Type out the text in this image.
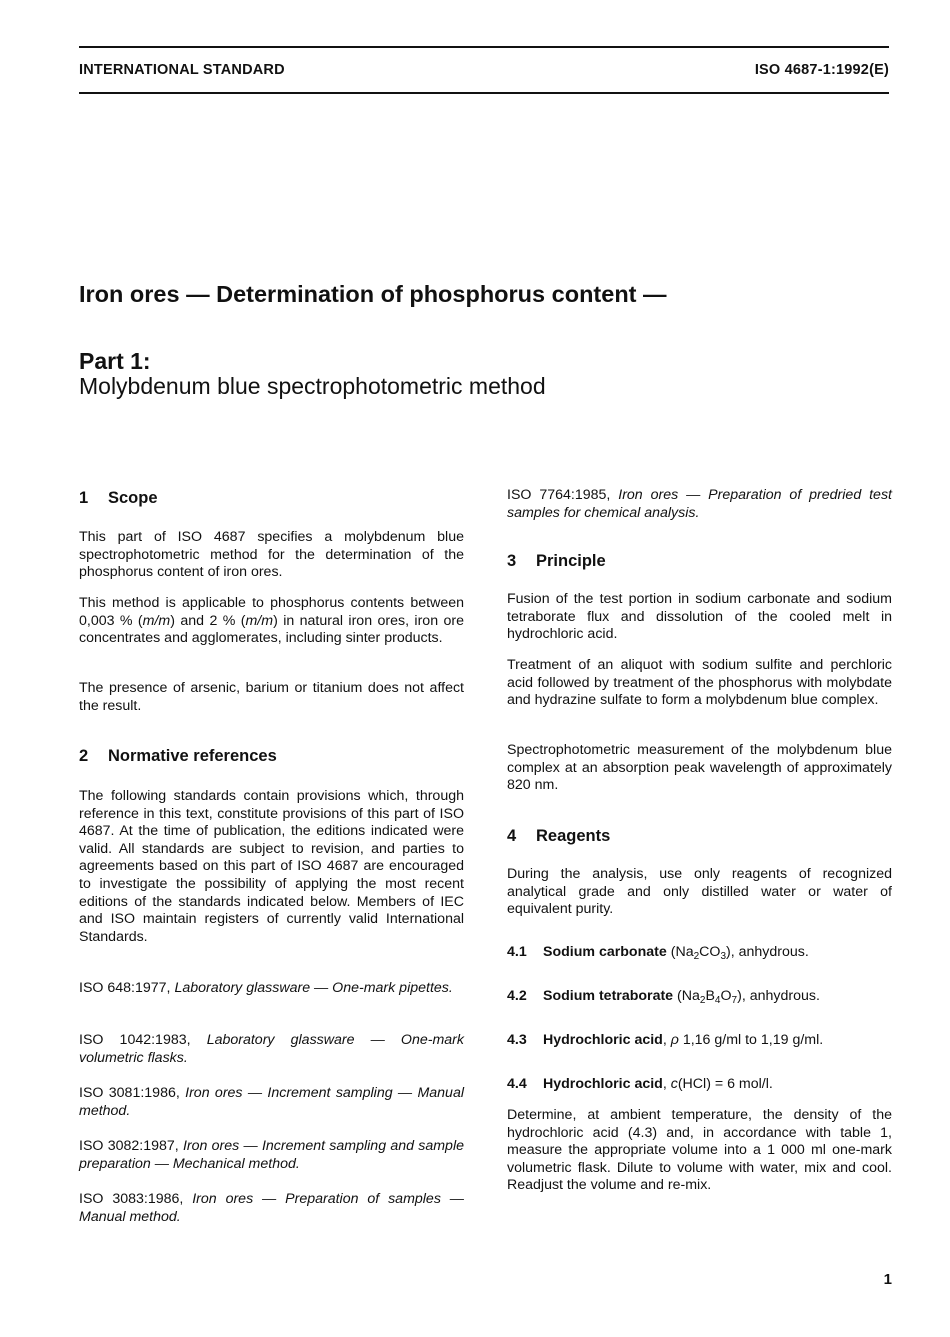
INTERNATIONAL STANDARD	ISO 4687-1:1992(E)
Iron ores — Determination of phosphorus content —
Part 1:
Molybdenum blue spectrophotometric method
1 Scope

This part of ISO 4687 specifies a molybdenum blue spectrophotometric method for the determination of the phosphorus content of iron ores.

This method is applicable to phosphorus contents between 0,003 % (m/m) and 2 % (m/m) in natural iron ores, iron ore concentrates and agglomerates, including sinter products.

The presence of arsenic, barium or titanium does not affect the result.

2 Normative references

The following standards contain provisions which, through reference in this text, constitute provisions of this part of ISO 4687. At the time of publication, the editions indicated were valid. All standards are subject to revision, and parties to agreements based on this part of ISO 4687 are encouraged to investigate the possibility of applying the most recent editions of the standards indicated below. Members of IEC and ISO maintain registers of currently valid International Standards.

ISO 648:1977, Laboratory glassware — One-mark pipettes.

ISO 1042:1983, Laboratory glassware — One-mark volumetric flasks.

ISO 3081:1986, Iron ores — Increment sampling — Manual method.

ISO 3082:1987, Iron ores — Increment sampling and sample preparation — Mechanical method.

ISO 3083:1986, Iron ores — Preparation of samples — Manual method.

ISO 7764:1985, Iron ores — Preparation of predried test samples for chemical analysis.

3 Principle

Fusion of the test portion in sodium carbonate and sodium tetraborate flux and dissolution of the cooled melt in hydrochloric acid.

Treatment of an aliquot with sodium sulfite and perchloric acid followed by treatment of the phosphorus with molybdate and hydrazine sulfate to form a molybdenum blue complex.

Spectrophotometric measurement of the molybdenum blue complex at an absorption peak wavelength of approximately 820 nm.

4 Reagents

During the analysis, use only reagents of recognized analytical grade and only distilled water or water of equivalent purity.

4.1 Sodium carbonate $(Na_2CO_3)$, anhydrous.
4.2 Sodium tetraborate $(Na_2B_4O_7)$, anhydrous.
4.3 Hydrochloric acid, ρ 1,16 g/ml to 1,19 g/ml.
4.4 Hydrochloric acid, c(HCl) = 6 mol/l.

Determine, at ambient temperature, the density of the hydrochloric acid (4.3) and, in accordance with table 1, measure the appropriate volume into a 1 000 ml one-mark volumetric flask. Dilute to volume with water, mix and cool. Readjust the volume and re-mix.

1
